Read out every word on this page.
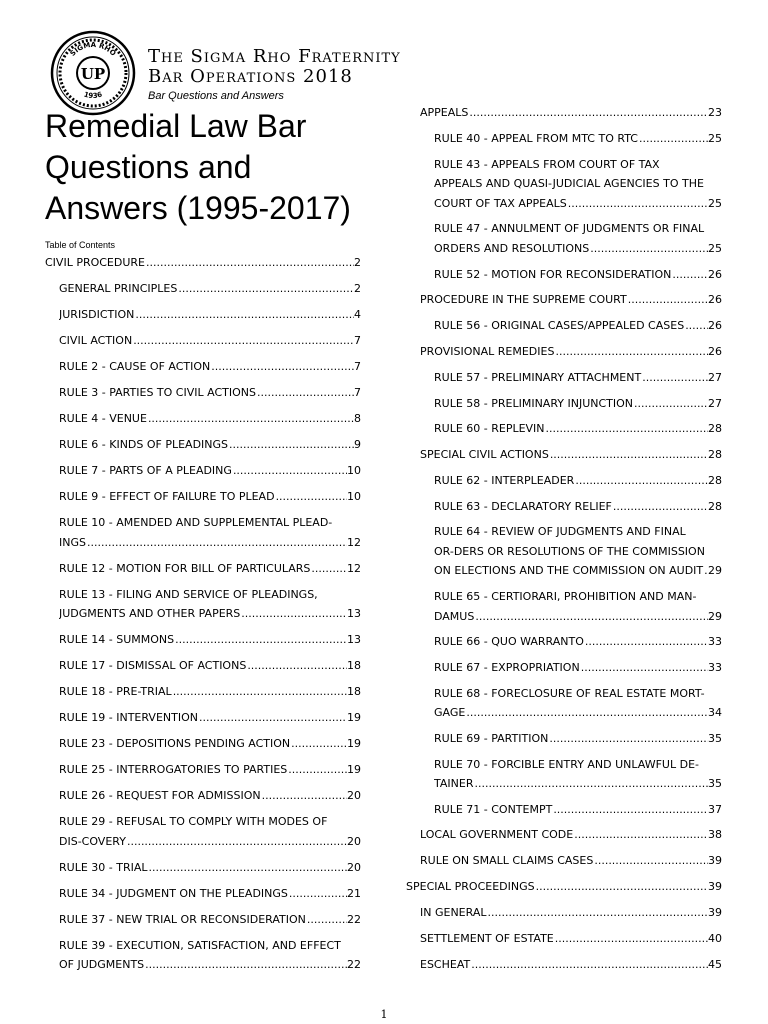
SIGMA RHO
1936
UP
The Sigma Rho Fraternity
Bar Operations 2018
Bar Questions and Answers
Remedial Law Bar Questions and Answers (1995-2017)
Table of Contents
CIVIL PROCEDURE .....	2
GENERAL PRINCIPLES .....	2
JURISDICTION .....	4
CIVIL ACTION .....	7
RULE 2 - CAUSE OF ACTION .....	7
RULE 3 - PARTIES TO CIVIL ACTIONS .....	7
RULE 4 - VENUE .....	8
RULE 6 - KINDS OF PLEADINGS .....	9
RULE 7 - PARTS OF A PLEADING .....	10
RULE 9 - EFFECT OF FAILURE TO PLEAD .....	10
RULE 10 - AMENDED AND SUPPLEMENTAL PLEAD-INGS .....	12
RULE 12 - MOTION FOR BILL OF PARTICULARS .....	12
RULE 13 - FILING AND SERVICE OF PLEADINGS, JUDGMENTS AND OTHER PAPERS .....	13
RULE 14 - SUMMONS .....	13
RULE 17 - DISMISSAL OF ACTIONS .....	18
RULE 18 - PRE-TRIAL .....	18
RULE 19 - INTERVENTION .....	19
RULE 23 - DEPOSITIONS PENDING ACTION .....	19
RULE 25 - INTERROGATORIES TO PARTIES .....	19
RULE 26 - REQUEST FOR ADMISSION .....	20
RULE 29 - REFUSAL TO COMPLY WITH MODES OF DIS-COVERY .....	20
RULE 30 - TRIAL .....	20
RULE 34 - JUDGMENT ON THE PLEADINGS .....	21
RULE 37 - NEW TRIAL OR RECONSIDERATION .....	22
RULE 39 - EXECUTION, SATISFACTION, AND EFFECT OF JUDGMENTS .....	22
APPEALS .....	23
RULE 40 - APPEAL FROM MTC TO RTC .....	25
RULE 43 - APPEALS FROM COURT OF TAX APPEALS AND QUASI-JUDICIAL AGENCIES TO THE COURT OF TAX APPEALS .....	25
RULE 47 - ANNULMENT OF JUDGMENTS OR FINAL ORDERS AND RESOLUTIONS .....	25
RULE 52 - MOTION FOR RECONSIDERATION .....	26
PROCEDURE IN THE SUPREME COURT .....	26
RULE 56 - ORIGINAL CASES/APPEALED CASES .....	26
PROVISIONAL REMEDIES .....	26
RULE 57 - PRELIMINARY ATTACHMENT .....	27
RULE 58 - PRELIMINARY INJUNCTION .....	27
RULE 60 - REPLEVIN .....	28
SPECIAL CIVIL ACTIONS .....	28
RULE 62 - INTERPLEADER .....	28
RULE 63 - DECLARATORY RELIEF .....	28
RULE 64 - REVIEW OF JUDGMENTS AND FINAL OR-DERS OR RESOLUTIONS OF THE COMMISSION ON ELECTIONS AND THE COMMISSION ON AUDIT ..... 29
RULE 65 - CERTIORARI, PROHIBITION AND MAN-DAMUS .....	29
RULE 66 - QUO WARRANTO .....	33
RULE 67 - EXPROPRIATION .....	33
RULE 68 - FORECLOSURE OF REAL ESTATE MORT-GAGE .....	34
RULE 69 - PARTITION .....	35
RULE 70 - FORCIBLE ENTRY AND UNLAWFUL DE-TAINER .....	35
RULE 71 - CONTEMPT .....	37
LOCAL GOVERNMENT CODE .....	38
RULE ON SMALL CLAIMS CASES .....	39
SPECIAL PROCEEDINGS .....	39
IN GENERAL .....	39
SETTLEMENT OF ESTATE .....	40
ESCHEAT .....	45
1
